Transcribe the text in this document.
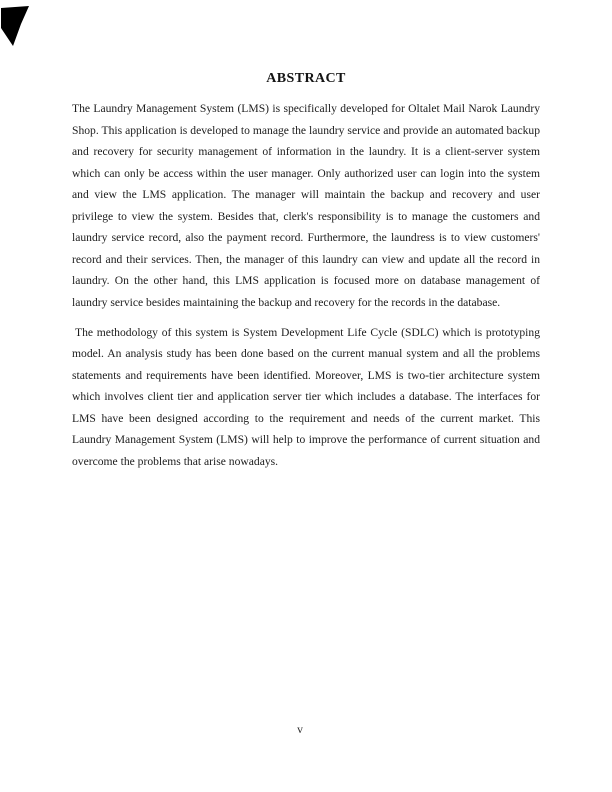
ABSTRACT
The Laundry Management System (LMS) is specifically developed for Oltalet Mail Narok Laundry
Shop. This application is developed to manage the laundry service and provide an automated backup
and recovery for security management of information in the laundry. It is a client-server system
which can only be access within the user manager. Only authorized user can login into the system
and view the LMS application. The manager will maintain the backup and recovery and user
privilege to view the system. Besides that, clerk's responsibility is to manage the customers and
laundry service record, also the payment record. Furthermore, the laundress is to view customers'
record and their services. Then, the manager of this laundry can view and update all the record in
laundry. On the other hand, this LMS application is focused more on database management of
laundry service besides maintaining the backup and recovery for the records in the database.
The methodology of this system is System Development Life Cycle (SDLC) which is prototyping
model. An analysis study has been done based on the current manual system and all the problems
statements and requirements have been identified. Moreover, LMS is two-tier architecture system
which involves client tier and application server tier which includes a database. The interfaces for
LMS have been designed according to the requirement and needs of the current market. This
Laundry Management System (LMS) will help to improve the performance of current situation and
overcome the problems that arise nowadays.
v
